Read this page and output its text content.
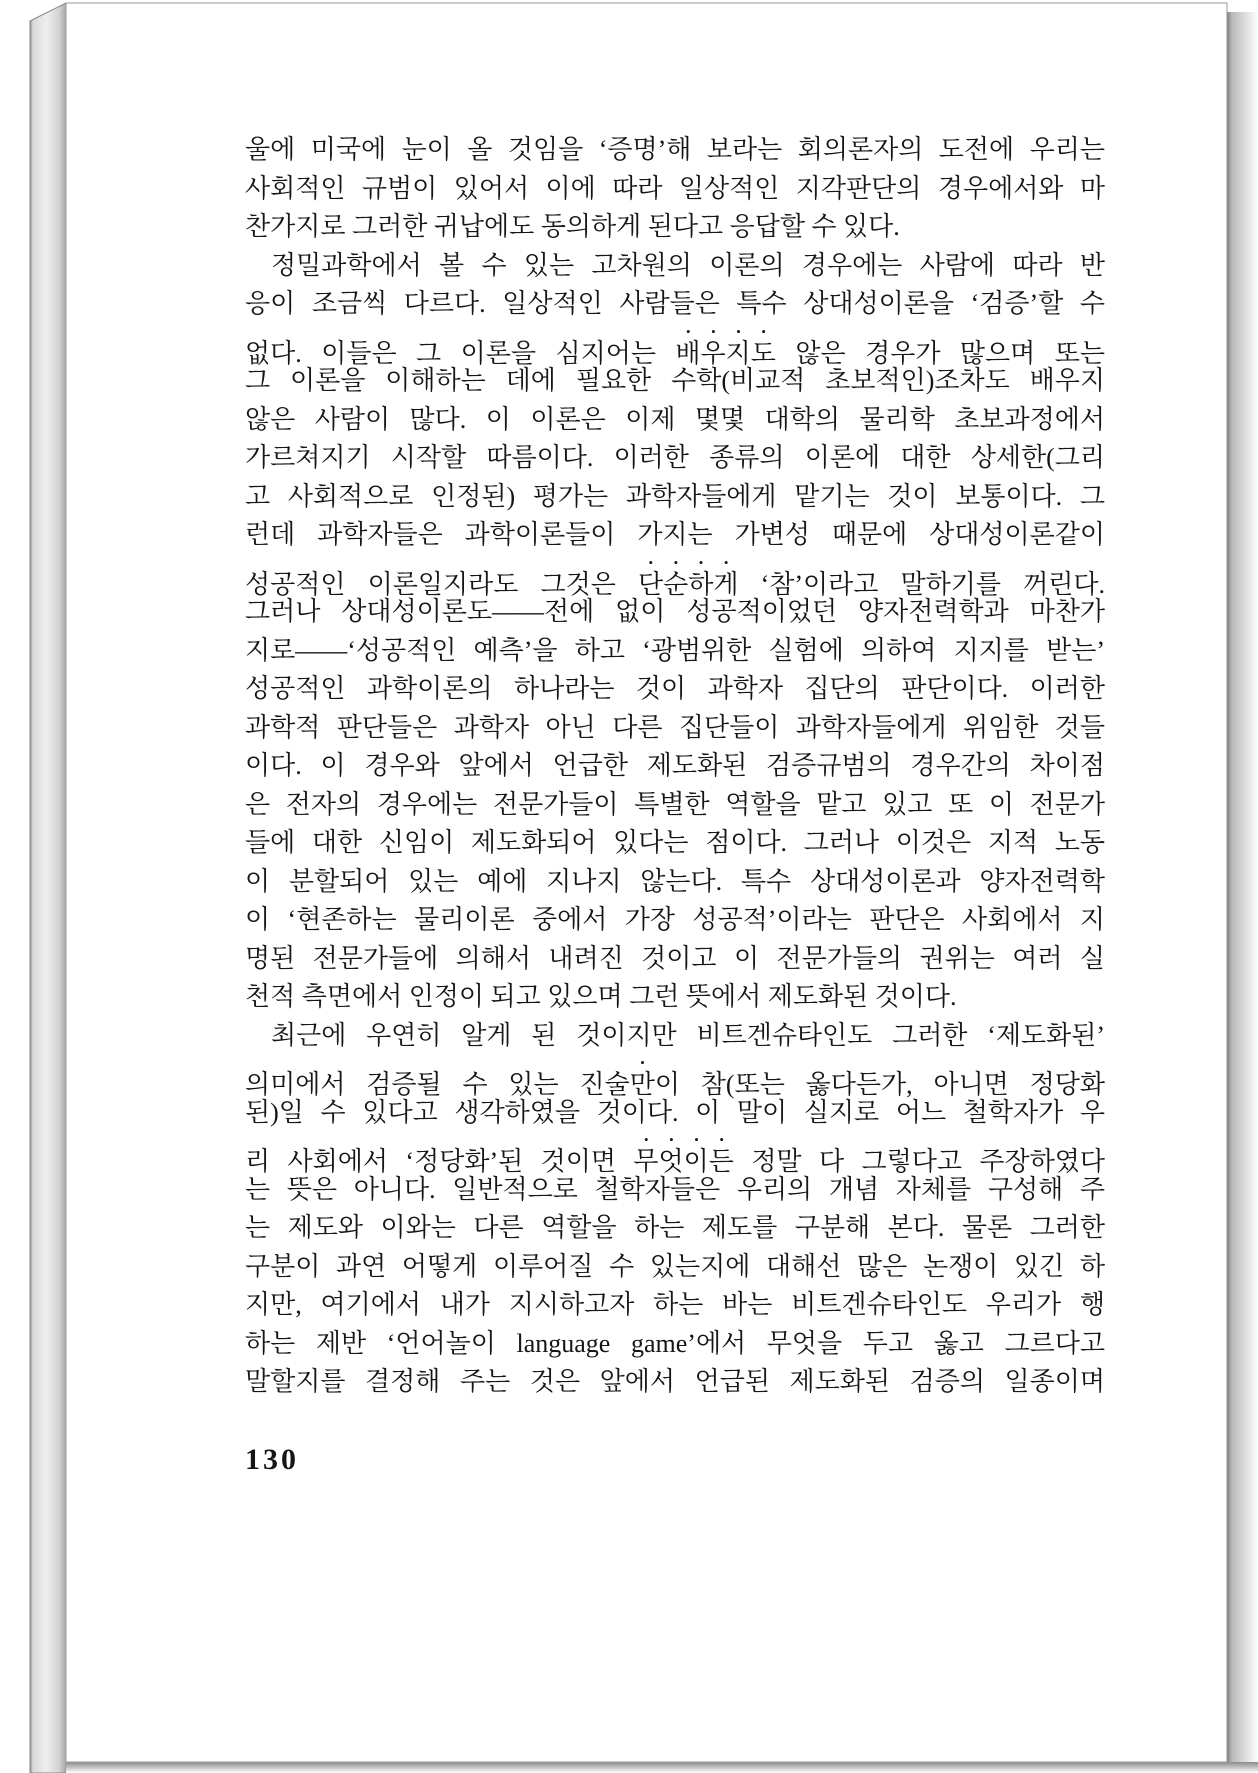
울에 미국에 눈이 올 것임을 ‘증명’해 보라는 회의론자의 도전에 우리는
사회적인 규범이 있어서 이에 따라 일상적인 지각판단의 경우에서와 마
찬가지로 그러한 귀납에도 동의하게 된다고 응답할 수 있다.
정밀과학에서 볼 수 있는 고차원의 이론의 경우에는 사람에 따라 반
응이 조금씩 다르다. 일상적인 사람들은 특수 상대성이론을 ‘검증’할 수
없다. 이들은 그 이론을 심지어는 배우지도 않은 경우가 많으며 또는
그 이론을 이해하는 데에 필요한 수학(비교적 초보적인)조차도 배우지
않은 사람이 많다. 이 이론은 이제 몇몇 대학의 물리학 초보과정에서
가르쳐지기 시작할 따름이다. 이러한 종류의 이론에 대한 상세한(그리
고 사회적으로 인정된) 평가는 과학자들에게 맡기는 것이 보통이다. 그
런데 과학자들은 과학이론들이 가지는 가변성 때문에 상대성이론같이
성공적인 이론일지라도 그것은 단순하게 ‘참’이라고 말하기를 꺼린다.
그러나 상대성이론도——전에 없이 성공적이었던 양자전력학과 마찬가
지로——‘성공적인 예측’을 하고 ‘광범위한 실험에 의하여 지지를 받는’
성공적인 과학이론의 하나라는 것이 과학자 집단의 판단이다. 이러한
과학적 판단들은 과학자 아닌 다른 집단들이 과학자들에게 위임한 것들
이다. 이 경우와 앞에서 언급한 제도화된 검증규범의 경우간의 차이점
은 전자의 경우에는 전문가들이 특별한 역할을 맡고 있고 또 이 전문가
들에 대한 신임이 제도화되어 있다는 점이다. 그러나 이것은 지적 노동
이 분할되어 있는 예에 지나지 않는다. 특수 상대성이론과 양자전력학
이 ‘현존하는 물리이론 중에서 가장 성공적’이라는 판단은 사회에서 지
명된 전문가들에 의해서 내려진 것이고 이 전문가들의 권위는 여러 실
천적 측면에서 인정이 되고 있으며 그런 뜻에서 제도화된 것이다.
최근에 우연히 알게 된 것이지만 비트겐슈타인도 그러한 ‘제도화된’
의미에서 검증될 수 있는 진술만이 참(또는 옳다든가, 아니면 정당화
된)일 수 있다고 생각하였을 것이다. 이 말이 실지로 어느 철학자가 우
리 사회에서 ‘정당화’된 것이면 무엇이든 정말 다 그렇다고 주장하였다
는 뜻은 아니다. 일반적으로 철학자들은 우리의 개념 자체를 구성해 주
는 제도와 이와는 다른 역할을 하는 제도를 구분해 본다. 물론 그러한
구분이 과연 어떻게 이루어질 수 있는지에 대해선 많은 논쟁이 있긴 하
지만, 여기에서 내가 지시하고자 하는 바는 비트겐슈타인도 우리가 행
하는 제반 ‘언어놀이 language game’에서 무엇을 두고 옳고 그르다고
말할지를 결정해 주는 것은 앞에서 언급된 제도화된 검증의 일종이며
130
